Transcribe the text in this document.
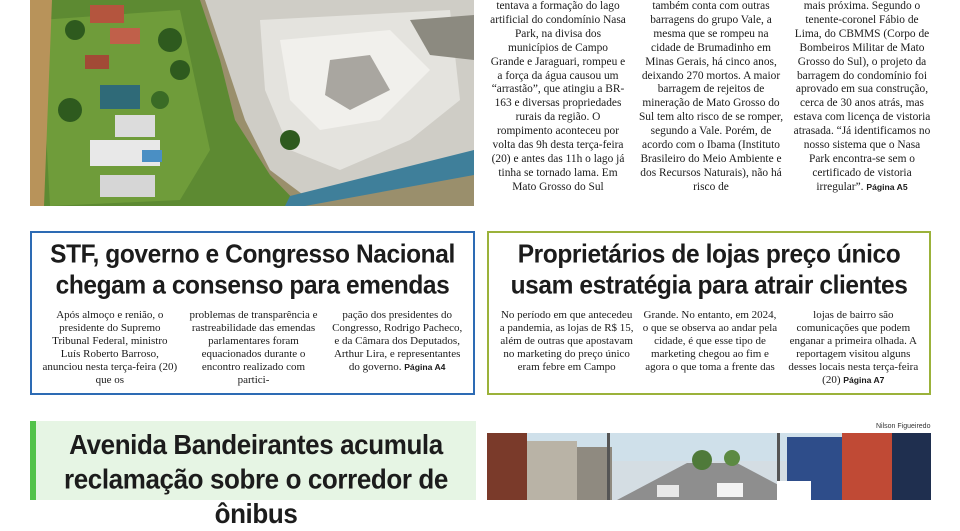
tentava a formação do lago artificial do condomínio Nasa Park, na divisa dos municípios de Campo Grande e Jaraguari, rompeu e a força da água causou um “arrastão”, que atingiu a BR-163 e diversas propriedades rurais da região. O rompimento aconteceu por volta das 9h desta terça-feira (20) e antes das 11h o lago já tinha se tornado lama. Em Mato Grosso do Sul

também conta com outras barragens do grupo Vale, a mesma que se rompeu na cidade de Brumadinho em Minas Gerais, há cinco anos, deixando 270 mortos. A maior barragem de rejeitos de mineração de Mato Grosso do Sul tem alto risco de se romper, segundo a Vale. Porém, de acordo com o Ibama (Instituto Brasileiro do Meio Ambiente e dos Recursos Naturais), não há risco de

mais próxima. Segundo o tenente-coronel Fábio de Lima, do CBMMS (Corpo de Bombeiros Militar de Mato Grosso do Sul), o projeto da barragem do condomínio foi aprovado em sua construção, cerca de 30 anos atrás, mas estava com licença de vistoria atrasada. “Já identificamos no nosso sistema que o Nasa Park encontra-se sem o certificado de vistoria irregular”. Página A5

STF, governo e Congresso Nacional
chegam a consenso para emendas
Após almoço e renião, o presidente do Supremo Tribunal Federal, ministro Luís Roberto Barroso, anunciou nesta terça-feira (20) que os
problemas de transparência e rastreabilidade das emendas parlamentares foram equacionados durante o encontro realizado com partici-
pação dos presidentes do Congresso, Rodrigo Pacheco, e da Câmara dos Deputados, Arthur Lira, e representantes do governo. Página A4
Proprietários de lojas preço único
usam estratégia para atrair clientes
No período em que antecedeu a pandemia, as lojas de R$ 15, além de outras que apostavam no marketing do preço único eram febre em Campo
Grande. No entanto, em 2024, o que se observa ao andar pela cidade, é que esse tipo de marketing chegou ao fim e agora o que toma a frente das
lojas de bairro são comunicações que podem enganar a primeira olhada. A reportagem visitou alguns desses locais nesta terça-feira (20) Página A7
Avenida Bandeirantes acumula
reclamação sobre o corredor de ônibus
Nilson Figueiredo
